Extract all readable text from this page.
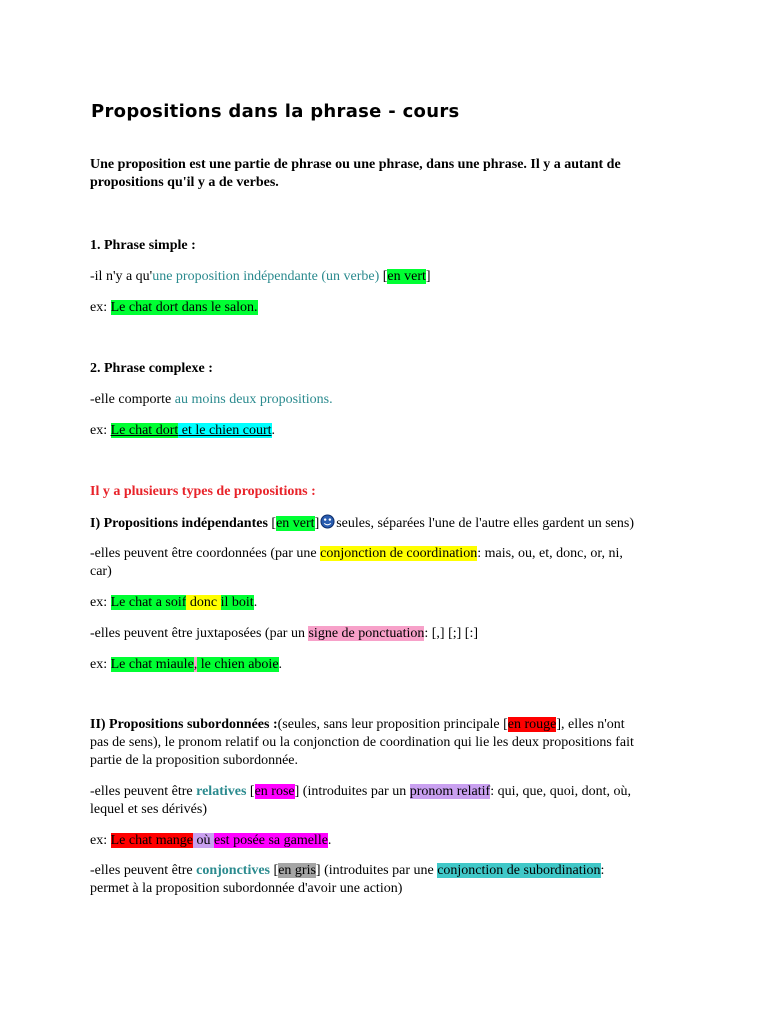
Propositions dans la phrase - cours
Une proposition est une partie de phrase ou une phrase, dans une phrase. Il y a autant de
propositions qu'il y a de verbes.
1. Phrase simple :
-il n'y a qu'une proposition indépendante (un verbe) [en vert]
ex: Le chat dort dans le salon.
2. Phrase complexe :
-elle comporte au moins deux propositions.
ex: Le chat dort et le chien court.
Il y a plusieurs types de propositions :
I) Propositions indépendantes [en vert] seules, séparées l'une de l'autre elles gardent un sens)
-elles peuvent être coordonnées (par une conjonction de coordination: mais, ou, et, donc, or, ni,
car)
ex: Le chat a soif donc il boit.
-elles peuvent être juxtaposées (par un signe de ponctuation: [,] [;] [:]
ex: Le chat miaule, le chien aboie.
II) Propositions subordonnées :(seules, sans leur proposition principale [en rouge], elles n'ont
pas de sens), le pronom relatif ou la conjonction de coordination qui lie les deux propositions fait
partie de la proposition subordonnée.
-elles peuvent être relatives [en rose] (introduites par un pronom relatif: qui, que, quoi, dont, où,
lequel et ses dérivés)
ex: Le chat mange où est posée sa gamelle.
-elles peuvent être conjonctives [en gris] (introduites par une conjonction de subordination:
permet à la proposition subordonnée d'avoir une action)
